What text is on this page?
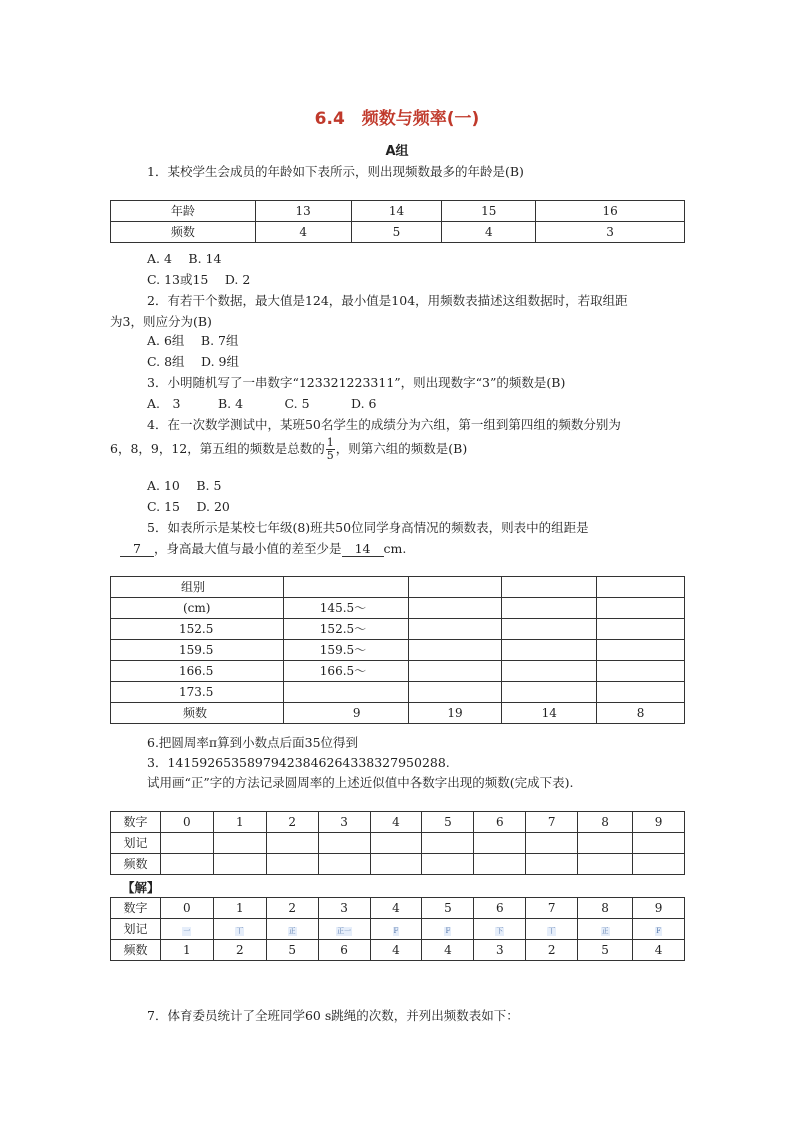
6.4　频数与频率(一)
A组
1．某校学生会成员的年龄如下表所示，则出现频数最多的年龄是(B)
年龄	13	14	15	16
频数	4	5	4	3
A. 4　 B. 14
C. 13或15　 D. 2
2．有若干个数据，最大值是124，最小值是104，用频数表描述这组数据时，若取组距
为3，则应分为(B)
A. 6组　 B. 7组
C. 8组　 D. 9组
3．小明随机写了一串数字“123321223311”，则出现数字“3”的频数是(B)
A.　3　　　B. 4　　　 C. 5　　　 D. 6
4．在一次数学测试中，某班50名学生的成绩分为六组，第一组到第四组的频数分别为
6，8，9，12，第五组的频数是总数的 $\frac{1}{5}$ ，则第六组的频数是(B)
A. 10　 B. 5
C. 15　 D. 20
5．如表所示是某校七年级(8)班共50位同学身高情况的频数表，则表中的组距是
7 ，身高最大值与最小值的差至少是 14 cm.
组别				
(cm)	145.5～			
152.5	152.5～			
159.5	159.5～			
166.5	166.5～			
173.5				
频数	9	19	14	8
6.把圆周率π算到小数点后面35位得到
3．14159265358979423846264338327950288.
试用画“正”字的方法记录圆周率的上述近似值中各数字出现的频数(完成下表).
数字	0	1	2	3	4	5	6	7	8	9
划记										
频数										
【解】
数字	0	1	2	3	4	5	6	7	8	9
划记	一	丅	正	正一	F	F	下	丅	正	F
频数	1	2	5	6	4	4	3	2	5	4
7．体育委员统计了全班同学60 s跳绳的次数，并列出频数表如下：
